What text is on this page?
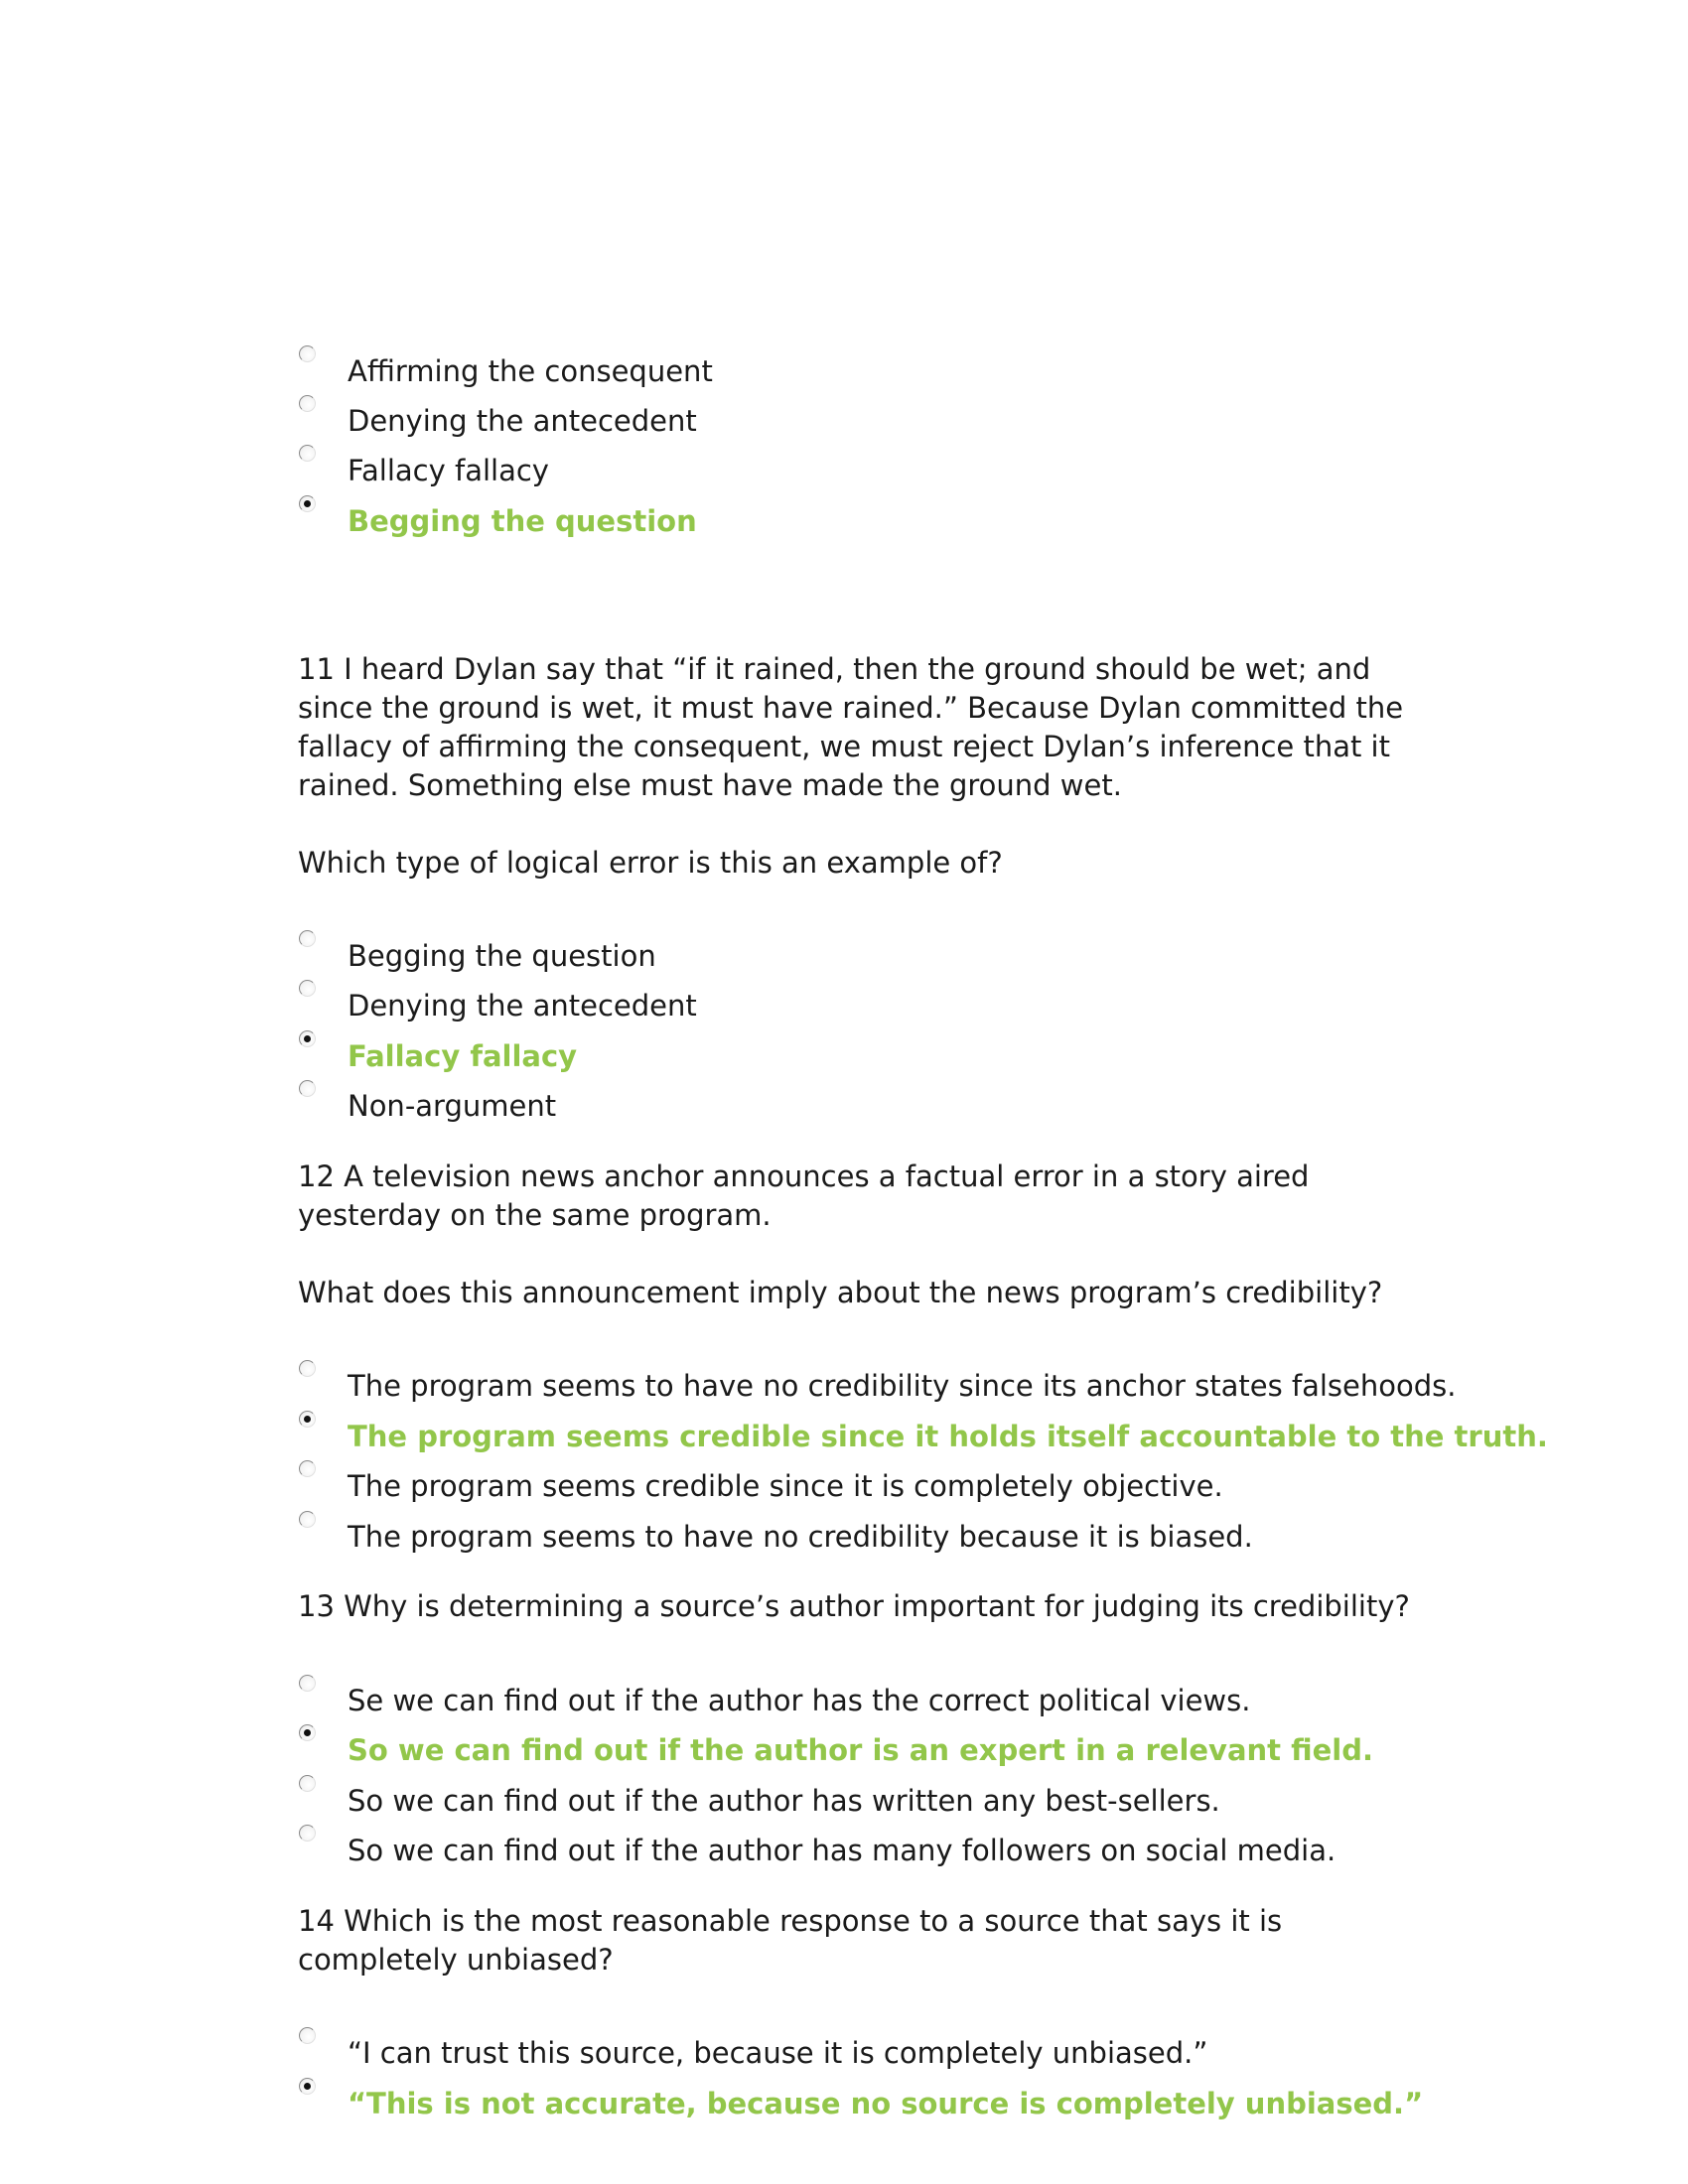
Affirming the consequent
Denying the antecedent
Fallacy fallacy
Begging the question

11 I heard Dylan say that “if it rained, then the ground should be wet; and since the ground is wet, it must have rained.” Because Dylan committed the fallacy of affirming the consequent, we must reject Dylan’s inference that it rained. Something else must have made the ground wet.

Which type of logical error is this an example of?

Begging the question
Denying the antecedent
Fallacy fallacy
Non-argument

12 A television news anchor announces a factual error in a story aired yesterday on the same program.

What does this announcement imply about the news program’s credibility?

The program seems to have no credibility since its anchor states falsehoods.
The program seems credible since it holds itself accountable to the truth.
The program seems credible since it is completely objective.
The program seems to have no credibility because it is biased.

13 Why is determining a source’s author important for judging its credibility?

Se we can find out if the author has the correct political views.
So we can find out if the author is an expert in a relevant field.
So we can find out if the author has written any best-sellers.
So we can find out if the author has many followers on social media.

14 Which is the most reasonable response to a source that says it is completely unbiased?

“I can trust this source, because it is completely unbiased.”
“This is not accurate, because no source is completely unbiased.”
